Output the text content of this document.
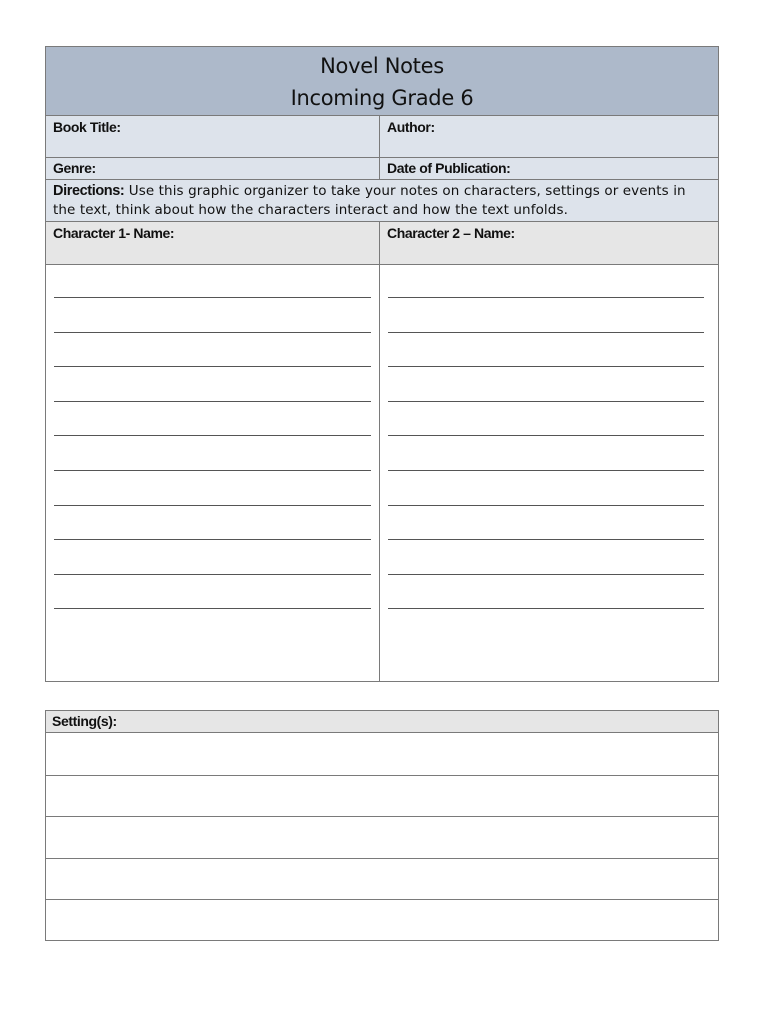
Novel Notes
Incoming Grade 6
Book Title:	Author:
Genre:	Date of Publication:
Directions: Use this graphic organizer to take your notes on characters, settings or events in the text, think about how the characters interact and how the text unfolds.
Character 1- Name:	Character 2 – Name:
Setting(s):
